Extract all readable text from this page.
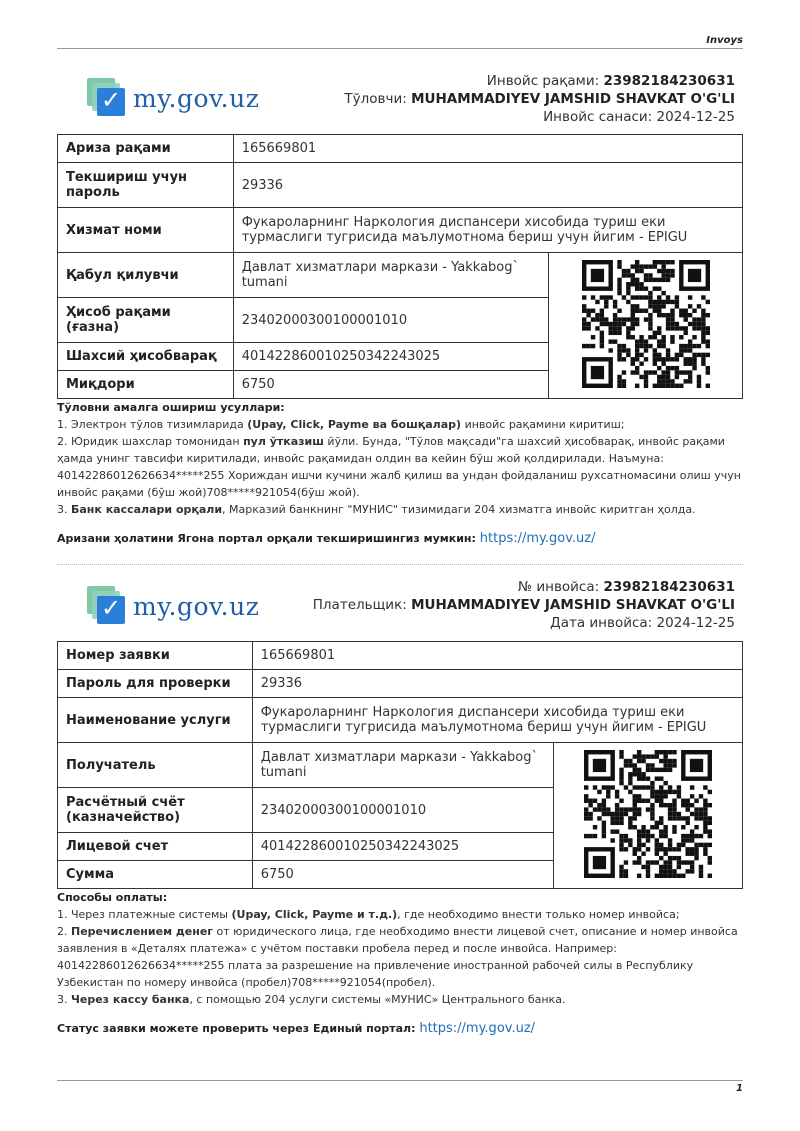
Invoys
✓ my.gov.uz
Инвойс рақами: 23982184230631
Тўловчи: MUHAMMADIYEV JAMSHID SHAVKAT O'G'LI
Инвойс санаси: 2024-12-25
Ариза рақами	165669801	
Текшириш учун пароль	29336	
Хизмат номи	Фукароларнинг Наркология диспансери хисобида туриш еки турмаслиги тугрисида маълумотнома бериш учун йигим - EPIGU	
Қабул қилувчи	Давлат хизматлари маркази - Yakkabog` tumani	
Ҳисоб рақами (ғазна)	23402000300100001010	
Шахсий ҳисобварақ	401422860010250342243025	
Миқдори	6750	
Тўловни амалга ошириш усуллари:
1. Электрон тўлов тизимларида (Upay, Click, Payme ва бошқалар) инвойс рақамини киритиш;
2. Юридик шахслар томонидан пул ўтказиш йўли. Бунда, "Тўлов мақсади"га шахсий ҳисобварақ, инвойс рақами ҳамда унинг тавсифи киритилади, инвойс рақамидан олдин ва кейин бўш жой қолдирилади. Наъмуна: 40142286012626634*****255 Хориждан ишчи кучини жалб қилиш ва ундан фойдаланиш рухсатномасини олиш учун инвойс рақами (бўш жой)708*****921054(бўш жой).
3. Банк кассалари орқали, Марказий банкнинг "МУНИС" тизимидаги 204 хизматга инвойс киритган ҳолда.
Аризани ҳолатини Ягона портал орқали текширишингиз мумкин: https://my.gov.uz/
✓ my.gov.uz
№ инвойса: 23982184230631
Плательщик: MUHAMMADIYEV JAMSHID SHAVKAT O'G'LI
Дата инвойса: 2024-12-25
Номер заявки	165669801	
Пароль для проверки	29336	
Наименование услуги	Фукароларнинг Наркология диспансери хисобида туриш еки турмаслиги тугрисида маълумотнома бериш учун йигим - EPIGU	
Получатель	Давлат хизматлари маркази - Yakkabog` tumani	
Расчётный счёт (казначейство)	23402000300100001010	
Лицевой счет	401422860010250342243025	
Сумма	6750	
Способы оплаты:
1. Через платежные системы (Upay, Click, Payme и т.д.), где необходимо внести только номер инвойса;
2. Перечислением денег от юридического лица, где необходимо внести лицевой счет, описание и номер инвойса заявления в «Деталях платежа» с учётом поставки пробела перед и после инвойса. Например: 40142286012626634*****255 плата за разрешение на привлечение иностранной рабочей силы в Республику Узбекистан по номеру инвойса (пробел)708*****921054(пробел).
3. Через кассу банка, с помощью 204 услуги системы «МУНИС» Центрального банка.
Статус заявки можете проверить через Единый портал: https://my.gov.uz/
1
